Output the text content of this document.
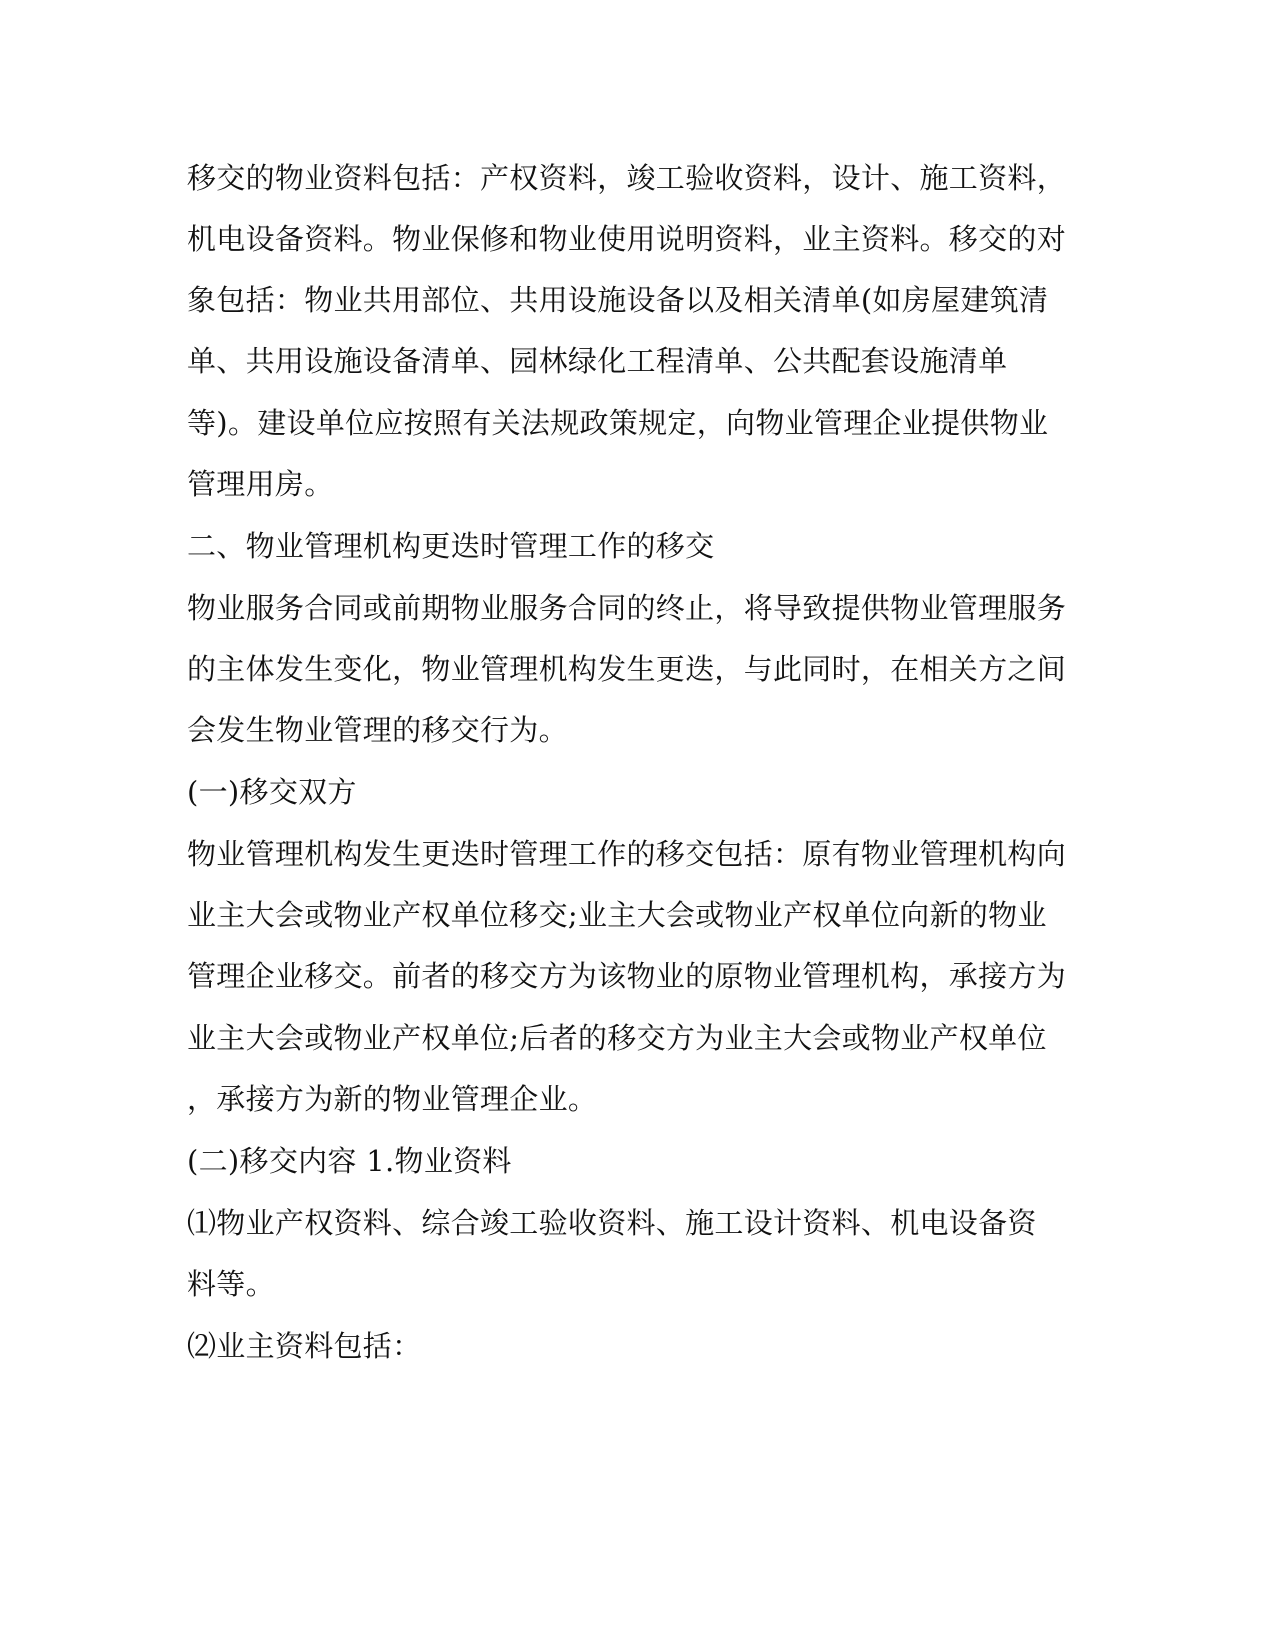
移交的物业资料包括：产权资料，竣工验收资料，设计、施工资料，

机电设备资料。物业保修和物业使用说明资料，业主资料。移交的对

象包括：物业共用部位、共用设施设备以及相关清单(如房屋建筑清

单、共用设施设备清单、园林绿化工程清单、公共配套设施清单

等)。建设单位应按照有关法规政策规定，向物业管理企业提供物业

管理用房。

二、物业管理机构更迭时管理工作的移交

物业服务合同或前期物业服务合同的终止，将导致提供物业管理服务

的主体发生变化，物业管理机构发生更迭，与此同时，在相关方之间

会发生物业管理的移交行为。

(一)移交双方

物业管理机构发生更迭时管理工作的移交包括：原有物业管理机构向

业主大会或物业产权单位移交;业主大会或物业产权单位向新的物业

管理企业移交。前者的移交方为该物业的原物业管理机构，承接方为

业主大会或物业产权单位;后者的移交方为业主大会或物业产权单位

，承接方为新的物业管理企业。

(二)移交内容 1.物业资料

⑴物业产权资料、综合竣工验收资料、施工设计资料、机电设备资

料等。

⑵业主资料包括：
